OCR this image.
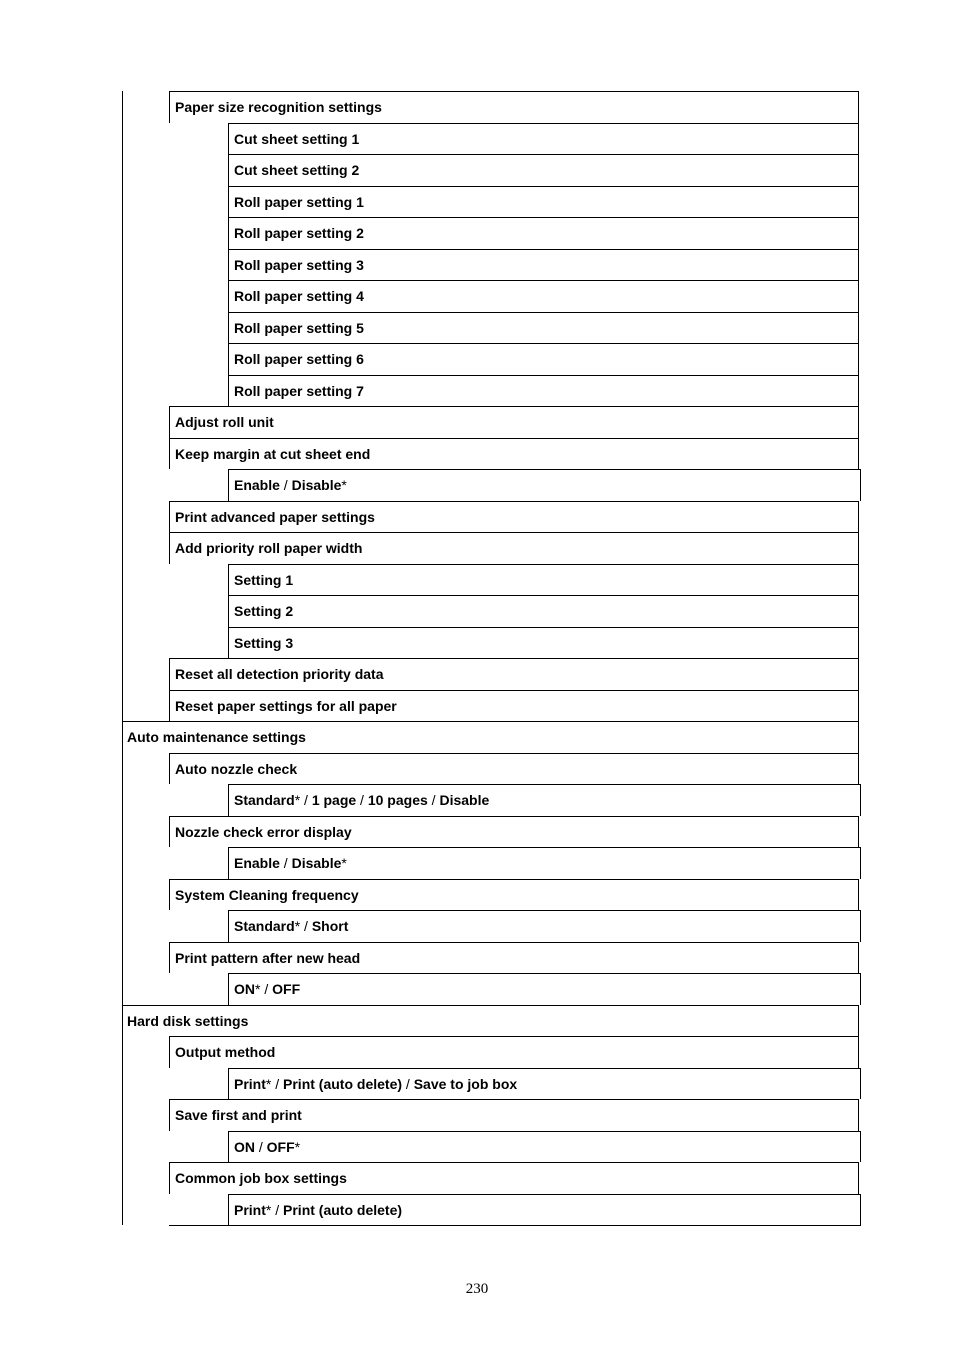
Paper size recognition settings
Cut sheet setting 1
Cut sheet setting 2
Roll paper setting 1
Roll paper setting 2
Roll paper setting 3
Roll paper setting 4
Roll paper setting 5
Roll paper setting 6
Roll paper setting 7
Adjust roll unit
Keep margin at cut sheet end
Enable / Disable*
Print advanced paper settings
Add priority roll paper width
Setting 1
Setting 2
Setting 3
Reset all detection priority data
Reset paper settings for all paper
Auto maintenance settings
Auto nozzle check
Standard* / 1 page / 10 pages / Disable
Nozzle check error display
Enable / Disable*
System Cleaning frequency
Standard* / Short
Print pattern after new head
ON* / OFF
Hard disk settings
Output method
Print* / Print (auto delete) / Save to job box
Save first and print
ON / OFF*
Common job box settings
Print* / Print (auto delete)
230
